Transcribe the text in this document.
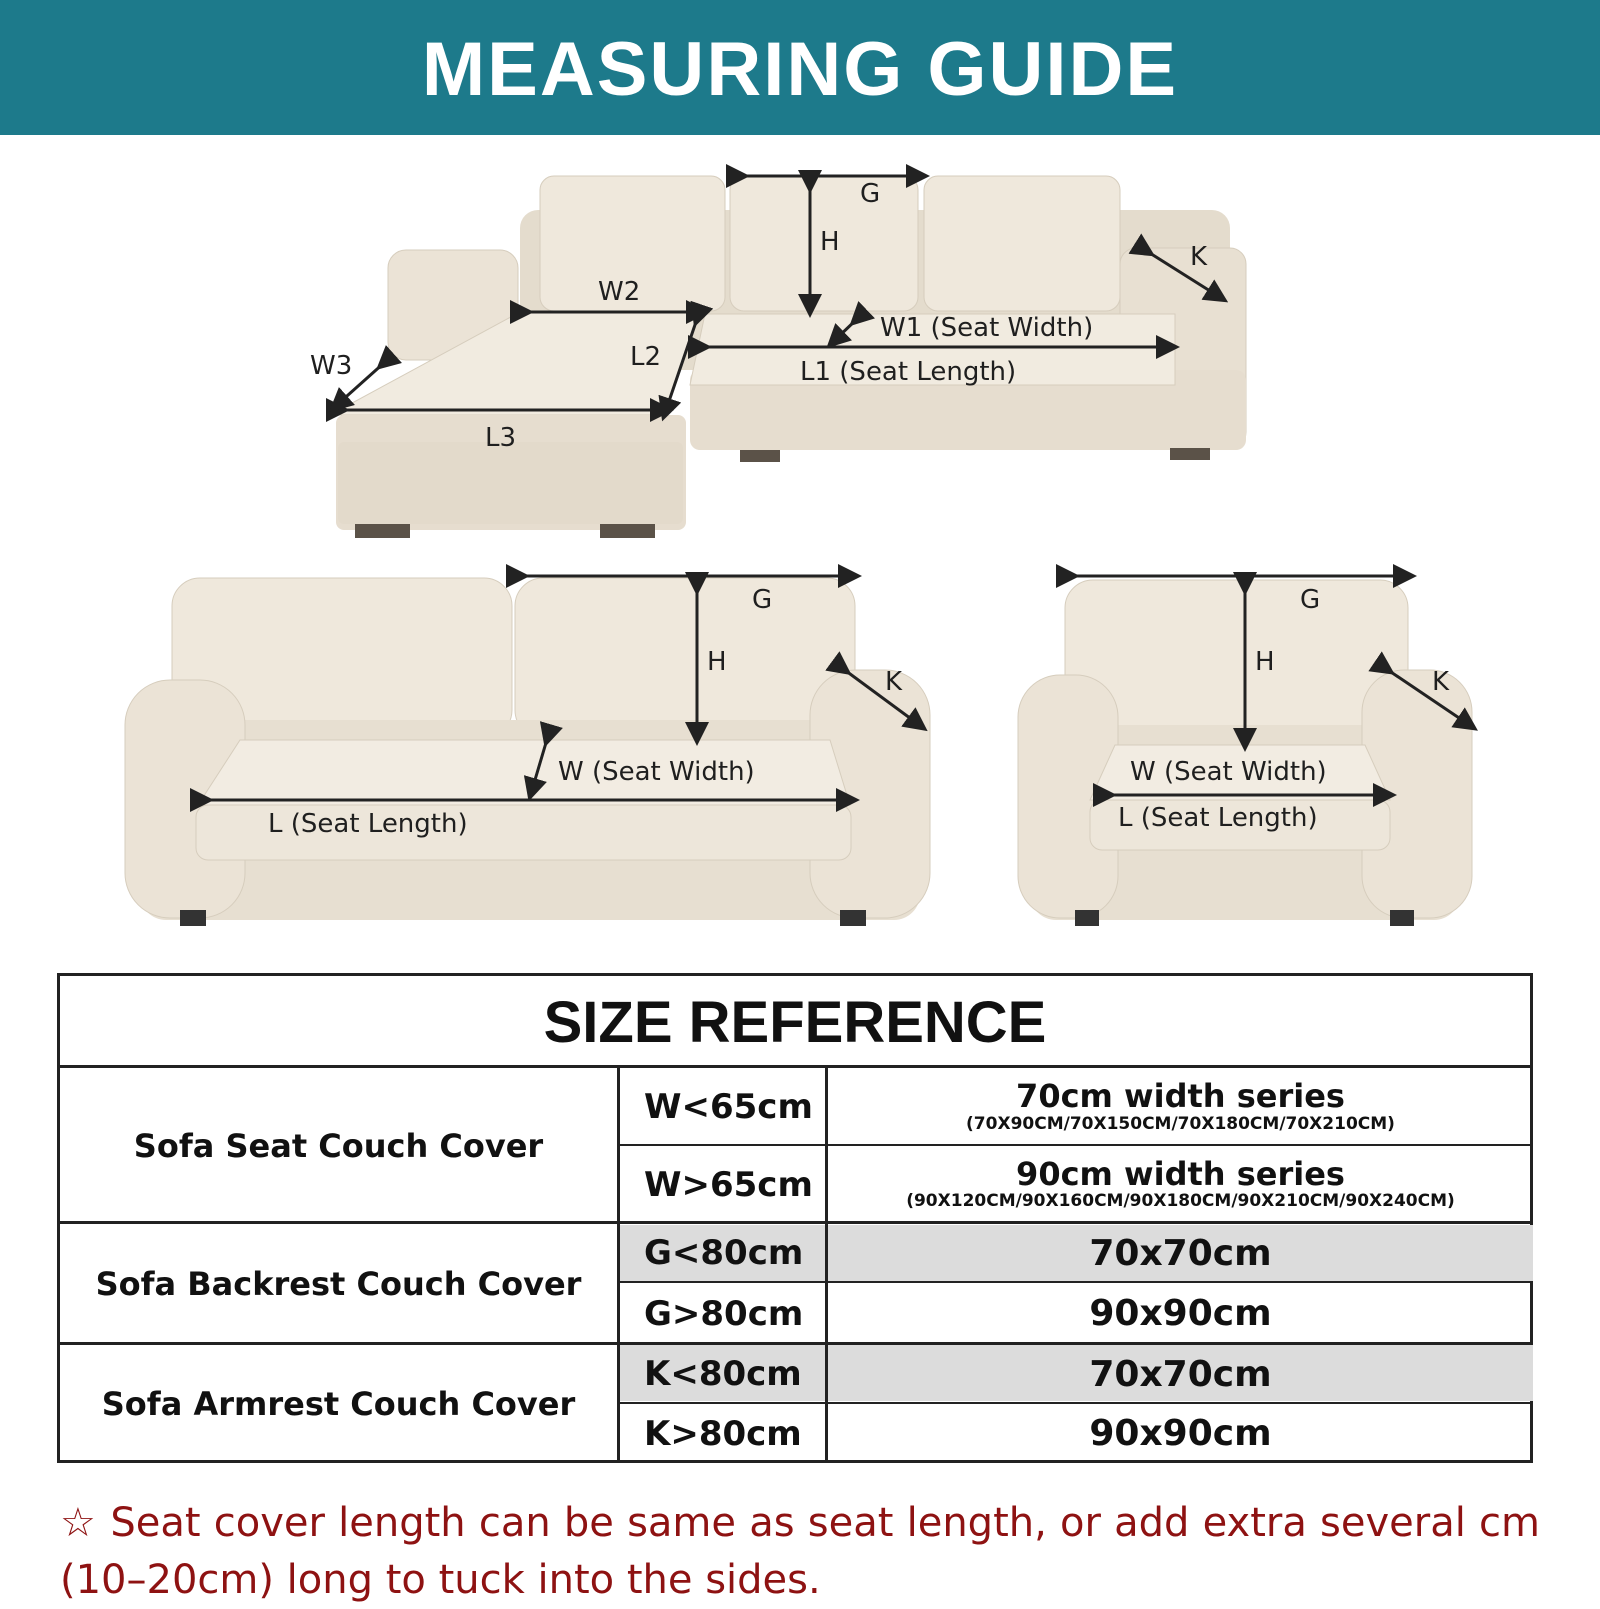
MEASURING GUIDE
G
H	K
W2
W1 (Seat Width)
L1 (Seat Length)
L2
W3
L3
G
H
K
W (Seat Width)
L (Seat Length)
G
H
K
W (Seat Width)
L (Seat Length)
SIZE REFERENCE
Sofa Seat Couch Cover
Sofa Backrest Couch Cover
Sofa Armrest Couch Cover
W<65cm
W>65cm
G<80cm
G>80cm
K<80cm
K>80cm
70cm width series
(70X90CM/70X150CM/70X180CM/70X210CM)
90cm width series
(90X120CM/90X160CM/90X180CM/90X210CM/90X240CM)
70x70cm
90x90cm
70x70cm
90x90cm
☆ Seat cover length can be same as seat length, or add extra several cm (10–20cm) long to tuck into the sides.
